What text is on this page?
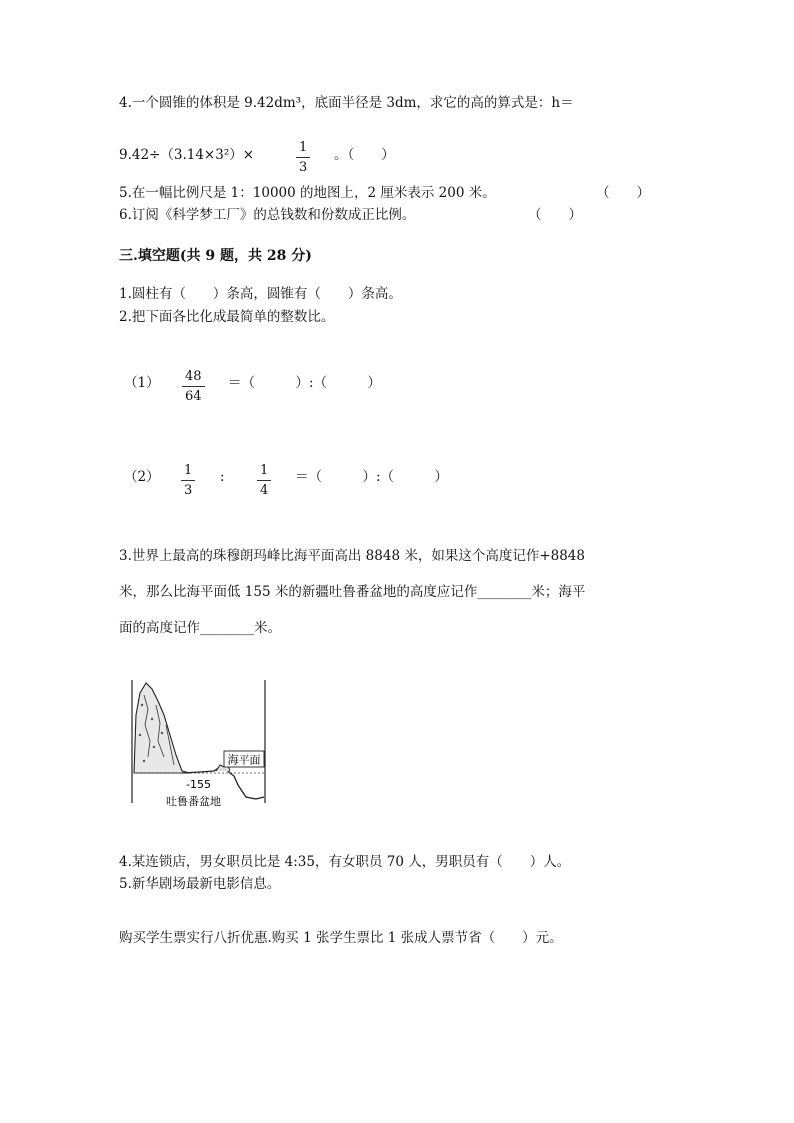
4.一个圆锥的体积是 9.42dm³，底面半径是 3dm，求它的高的算式是：h＝
9.42÷（3.14×3²）×	$\frac{1}{3}$ 。（　　）
5.在一幅比例尺是 1：10000 的地图上，2 厘米表示 200 米。	（　　）
6.订阅《科学梦工厂》的总钱数和份数成正比例。	（　　）
三.填空题(共 9 题，共 28 分)
1.圆柱有（　　）条高，圆锥有（　　）条高。
2.把下面各比化成最简单的整数比。
$(1) \frac{48}{64}$ ＝（　　　）:（　　　）
$(2) \frac{1}{3}$ : $\frac{1}{4}$ ＝（　　　）:（　　　）
3.世界上最高的珠穆朗玛峰比海平面高出 8848 米，如果这个高度记作+8848
米，那么比海平面低 155 米的新疆吐鲁番盆地的高度应记作________米；海平
面的高度记作________米。
海平面
-155
吐鲁番盆地
4.某连锁店，男女职员比是 4:35，有女职员 70 人，男职员有（　　）人。
5.新华剧场最新电影信息。
购买学生票实行八折优惠.购买 1 张学生票比 1 张成人票节省（　　）元。
